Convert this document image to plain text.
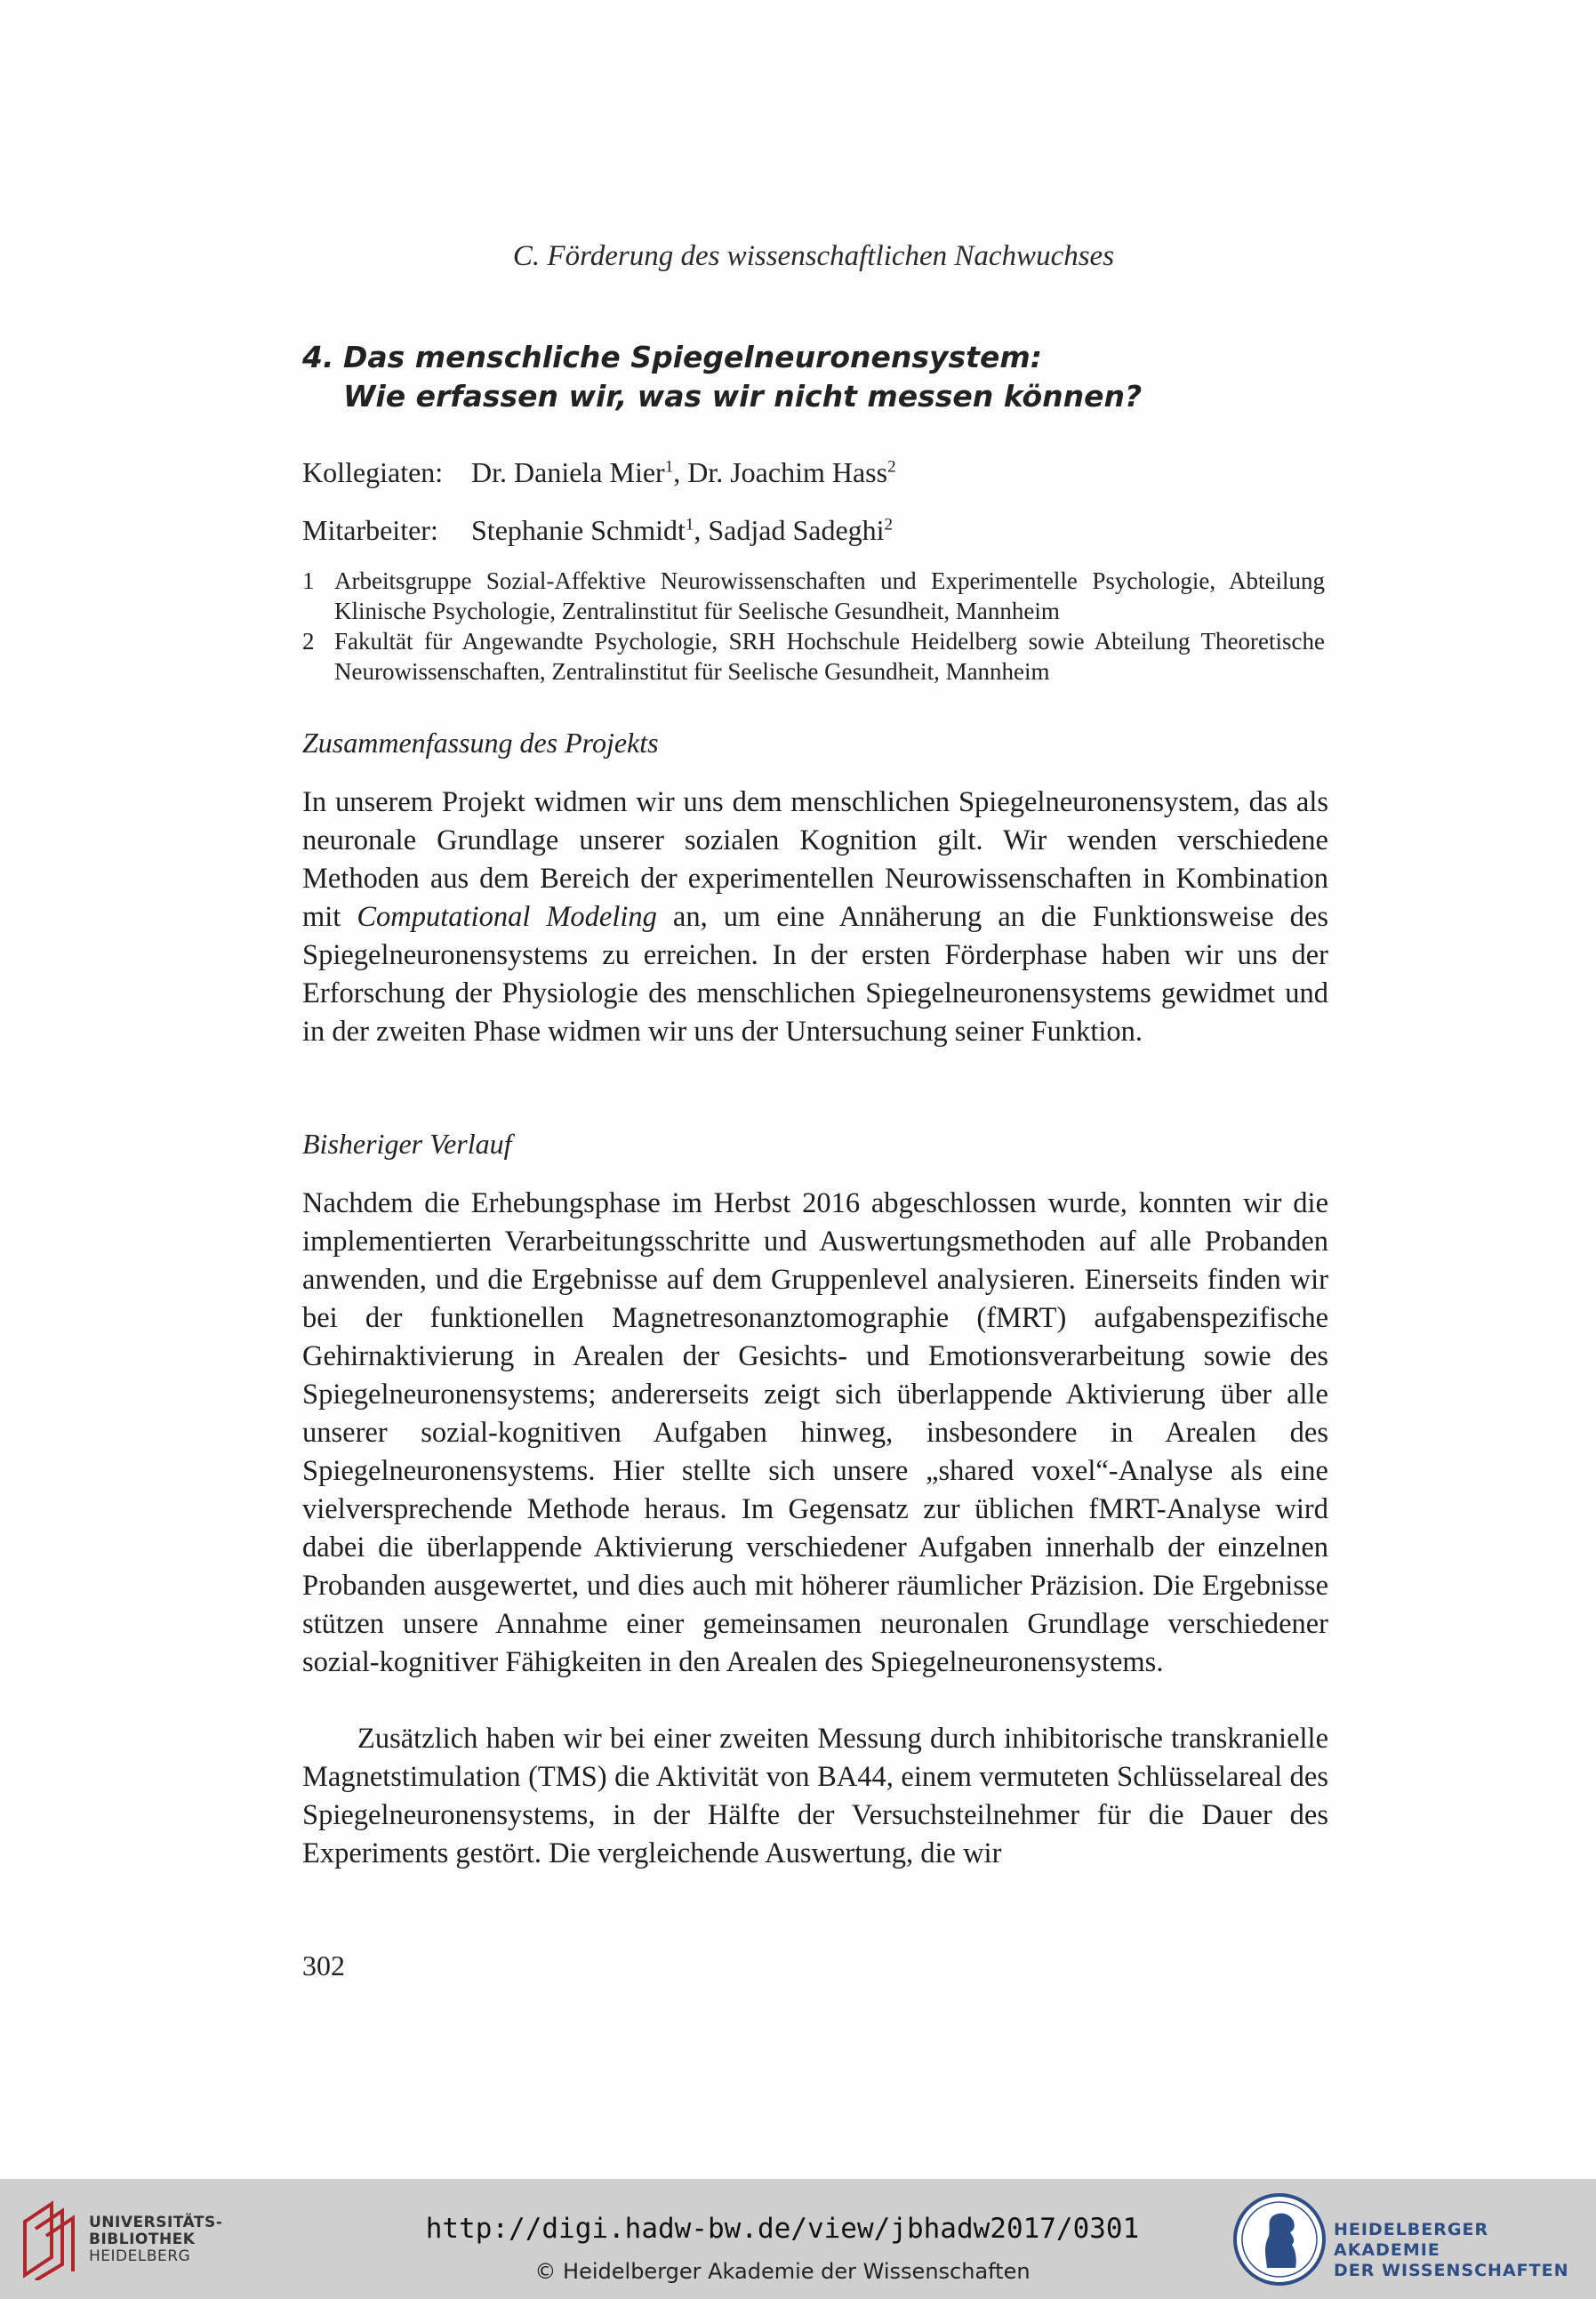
C. Förderung des wissenschaftlichen Nachwuchses
4. Das menschliche Spiegelneuronensystem:
Wie erfassen wir, was wir nicht messen können?
Kollegiaten: Dr. Daniela Mier$^1$, Dr. Joachim Hass$^2$
Mitarbeiter: Stephanie Schmidt$^1$, Sadjad Sadeghi$^2$
1 Arbeitsgruppe Sozial-Affektive Neurowissenschaften und Experimentelle Psychologie, Abteilung Klinische Psychologie, Zentralinstitut für Seelische Gesundheit, Mannheim
2 Fakultät für Angewandte Psychologie, SRH Hochschule Heidelberg sowie Abteilung Theoretische Neurowissenschaften, Zentralinstitut für Seelische Gesundheit, Mannheim
Zusammenfassung des Projekts

In unserem Projekt widmen wir uns dem menschlichen Spiegelneuronensystem, das als neuronale Grundlage unserer sozialen Kognition gilt. Wir wenden verschiedene Methoden aus dem Bereich der experimentellen Neurowissenschaften in Kombination mit Computational Modeling an, um eine Annäherung an die Funktionsweise des Spiegelneuronensystems zu erreichen. In der ersten Förderphase haben wir uns der Erforschung der Physiologie des menschlichen Spiegelneuronensystems gewidmet und in der zweiten Phase widmen wir uns der Untersuchung seiner Funktion.

Bisheriger Verlauf

Nachdem die Erhebungsphase im Herbst 2016 abgeschlossen wurde, konnten wir die implementierten Verarbeitungsschritte und Auswertungsmethoden auf alle Probanden anwenden, und die Ergebnisse auf dem Gruppenlevel analysieren. Einerseits finden wir bei der funktionellen Magnetresonanztomographie (fMRT) aufgabenspezifische Gehirnaktivierung in Arealen der Gesichts- und Emotionsverarbeitung sowie des Spiegelneuronensystems; andererseits zeigt sich überlappende Aktivierung über alle unserer sozial-kognitiven Aufgaben hinweg, insbesondere in Arealen des Spiegelneuronensystems. Hier stellte sich unsere „shared voxel“-Analyse als eine vielversprechende Methode heraus. Im Gegensatz zur üblichen fMRT-Analyse wird dabei die überlappende Aktivierung verschiedener Aufgaben innerhalb der einzelnen Probanden ausgewertet, und dies auch mit höherer räumlicher Präzision. Die Ergebnisse stützen unsere Annahme einer gemeinsamen neuronalen Grundlage verschiedener sozial-kognitiver Fähigkeiten in den Arealen des Spiegelneuronensystems.

Zusätzlich haben wir bei einer zweiten Messung durch inhibitorische transkranielle Magnetstimulation (TMS) die Aktivität von BA44, einem vermuteten Schlüsselareal des Spiegelneuronensystems, in der Hälfte der Versuchsteilnehmer für die Dauer des Experiments gestört. Die vergleichende Auswertung, die wir

302
UNIVERSITÄTS-
BIBLIOTHEK
HEIDELBERG
http://digi.hadw-bw.de/view/jbhadw2017/0301
© Heidelberger Akademie der Wissenschaften
HEIDELBERGER AKADEMIE
DER WISSENSCHAFTEN
